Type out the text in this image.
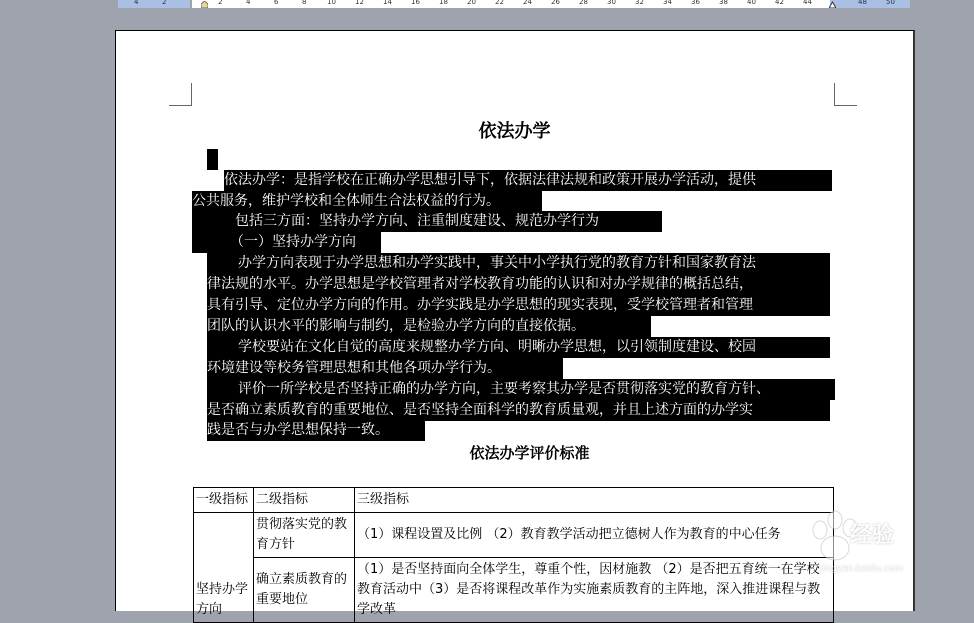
4	2	2	4	6	8	10	12	14	16	18	20	22	24	26	28	30	32	34	36	38	40	42	44	48	50
依法办学
依法办学：是指学校在正确办学思想引导下，依据法律法规和政策开展办学活动，提供
公共服务，维护学校和全体师生合法权益的行为。
包括三方面：坚持办学方向、注重制度建设、规范办学行为
（一）坚持办学方向
办学方向表现于办学思想和办学实践中，事关中小学执行党的教育方针和国家教育法
律法规的水平。办学思想是学校管理者对学校教育功能的认识和对办学规律的概括总结，
具有引导、定位办学方向的作用。办学实践是办学思想的现实表现，受学校管理者和管理
团队的认识水平的影响与制约，是检验办学方向的直接依据。
学校要站在文化自觉的高度来规整办学方向、明晰办学思想，以引领制度建设、校园
环境建设等校务管理思想和其他各项办学行为。
评价一所学校是否坚持正确的办学方向，主要考察其办学是否贯彻落实党的教育方针、
是否确立素质教育的重要地位、是否坚持全面科学的教育质量观，并且上述方面的办学实
践是否与办学思想保持一致。
依法办学评价标准
一级指标	二级指标	三级指标
坚持办学方向	贯彻落实党的教育方针	（1）课程设置及比例 （2）教育教学活动把立德树人作为教育的中心任务
	确立素质教育的重要地位	（1）是否坚持面向全体学生，尊重个性，因材施教 （2）是否把五育统一在学校教育活动中（3）是否将课程改革作为实施素质教育的主阵地，深入推进课程与教学改革
经验
jingyan.baidu.com
